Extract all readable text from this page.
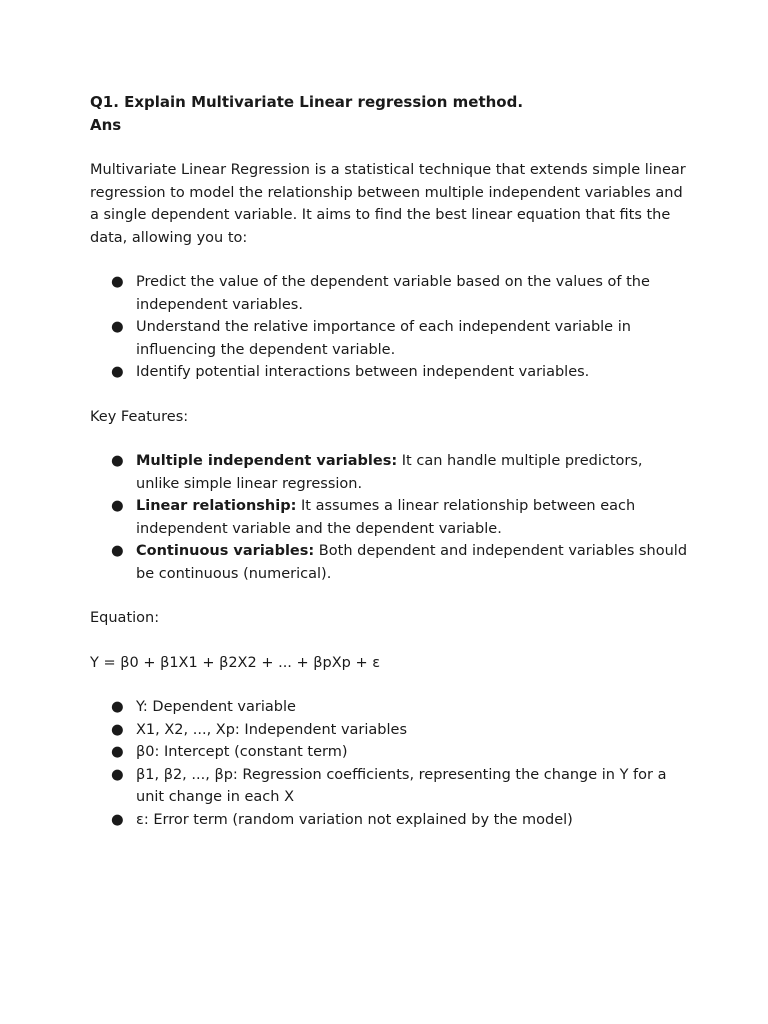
Q1. Explain Multivariate Linear regression method.

Ans

Multivariate Linear Regression is a statistical technique that extends simple linear regression to model the relationship between multiple independent variables and a single dependent variable. It aims to find the best linear equation that fits the data, allowing you to:

● Predict the value of the dependent variable based on the values of the independent variables.
● Understand the relative importance of each independent variable in influencing the dependent variable.
● Identify potential interactions between independent variables.

Key Features:

● Multiple independent variables: It can handle multiple predictors, unlike simple linear regression.
● Linear relationship: It assumes a linear relationship between each independent variable and the dependent variable.
● Continuous variables: Both dependent and independent variables should be continuous (numerical).

Equation:

Y = β0 + β1X1 + β2X2 + ... + βpXp + ε

● Y: Dependent variable
● X1, X2, ..., Xp: Independent variables
● β0: Intercept (constant term)
● β1, β2, ..., βp: Regression coefficients, representing the change in Y for a unit change in each X
● ε: Error term (random variation not explained by the model)
